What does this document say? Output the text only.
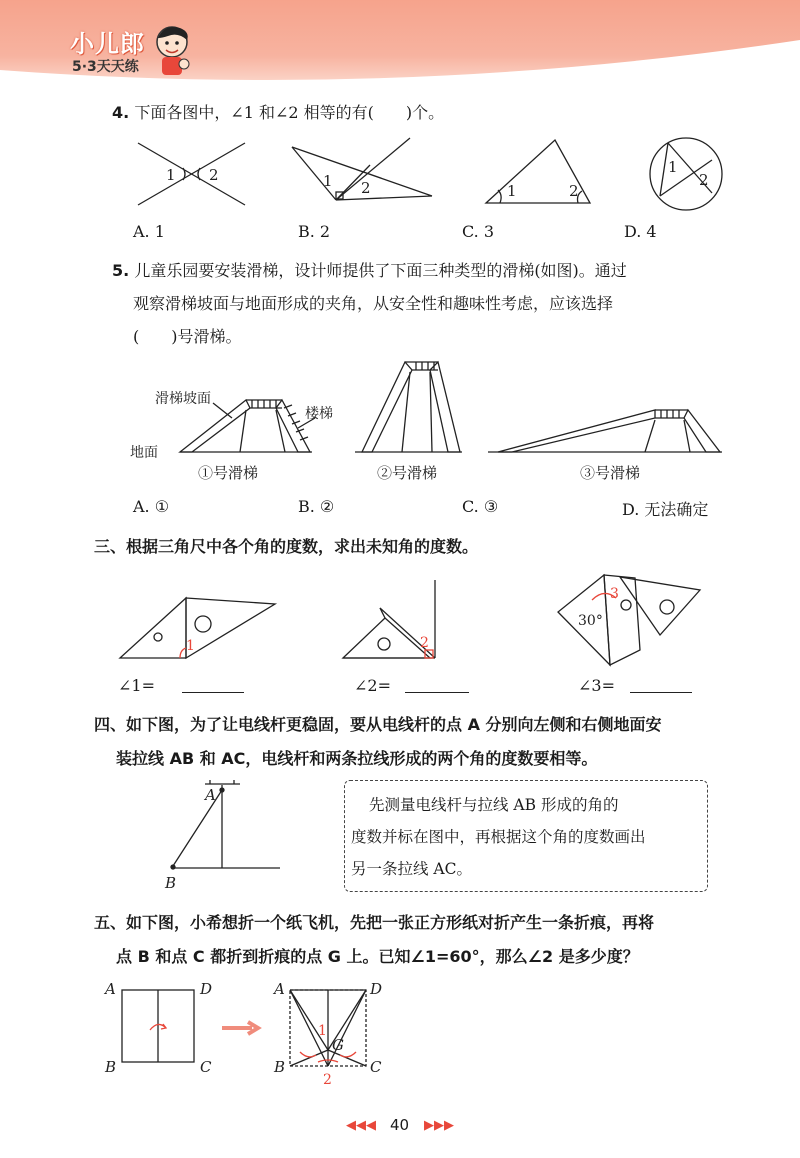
小儿郎
5·3天天练
4. 下面各图中，∠1 和∠2 相等的有(　　)个。
1 2	1 2	1	2
1
2
1	2
3
30°
A	D
B	C
A	D
B	C
G
A
B
1
2
A. 1	B. 2	C. 3	D. 4
5. 儿童乐园要安装滑梯，设计师提供了下面三种类型的滑梯(如图)。通过
观察滑梯坡面与地面形成的夹角，从安全性和趣味性考虑，应该选择
(　　)号滑梯。
滑梯坡面
楼梯
地面
①号滑梯	②号滑梯	③号滑梯
A. ①	B. ②	C. ③	D. 无法确定
三、根据三角尺中各个角的度数，求出未知角的度数。
∠1=	∠2=	∠3=
四、如下图，为了让电线杆更稳固，要从电线杆的点 A 分别向左侧和右侧地面安
装拉线 AB 和 AC，电线杆和两条拉线形成的两个角的度数要相等。
先测量电线杆与拉线 AB 形成的角的
度数并标在图中，再根据这个角的度数画出
另一条拉线 AC。
五、如下图，小希想折一个纸飞机，先把一张正方形纸对折产生一条折痕，再将
点 B 和点 C 都折到折痕的点 G 上。已知∠1=60°，那么∠2 是多少度？
◀◀◀ 40 ▶▶▶
